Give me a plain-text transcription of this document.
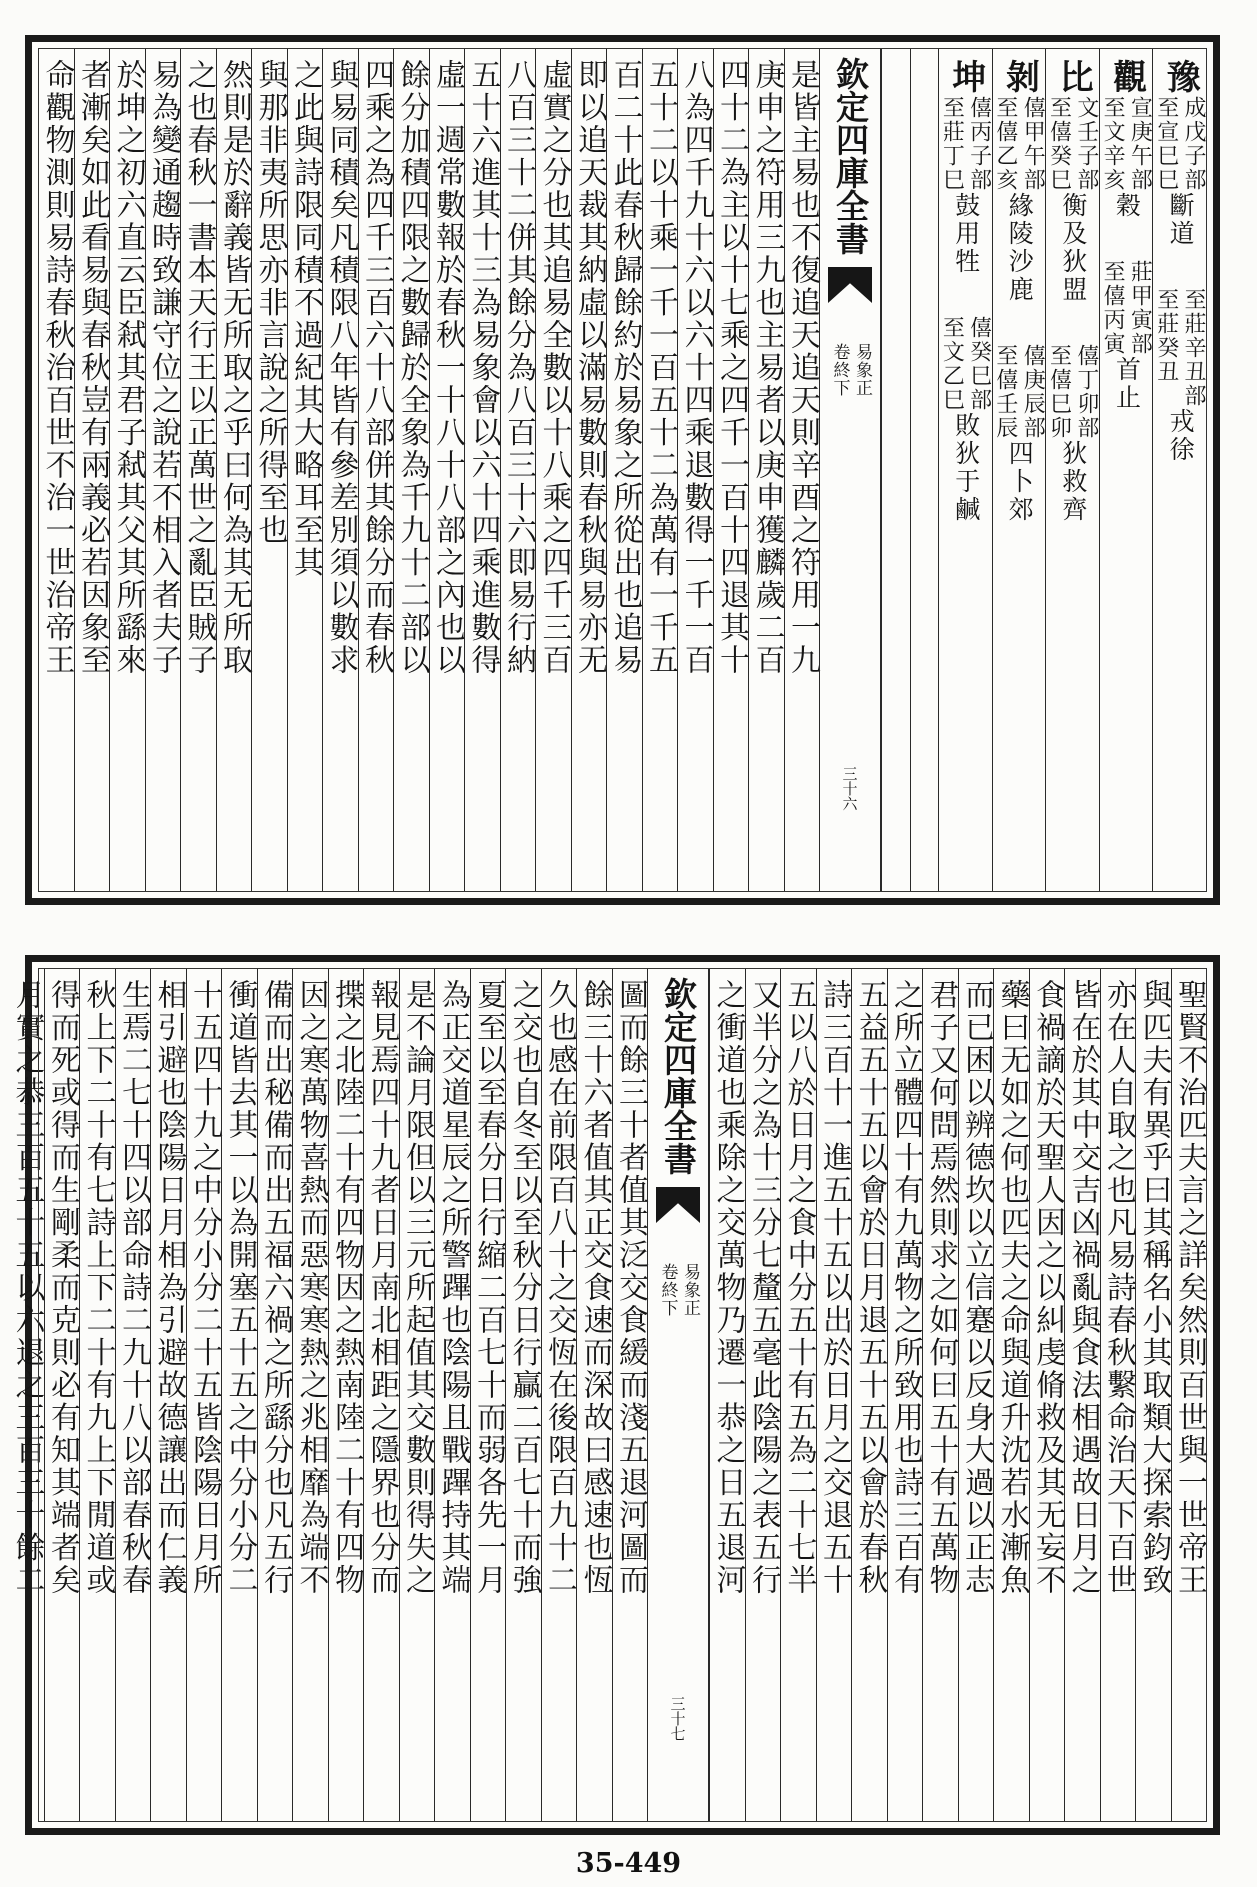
豫
成戊子部
至宣巳巳
斷道
至莊辛丑部
至莊癸丑
戎徐
觀
宣庚午部
至文辛亥
穀
莊甲寅部
至僖丙寅
首止
比
文壬子部
至僖癸巳
衡
及狄盟
僖丁卯部
至僖巳卯
狄救齊
剝
僖甲午部
至僖乙亥
緣陵
沙鹿
僖庚辰部
至僖壬辰
四卜郊
坤
僖丙子部
至莊丁巳
鼓用牲
僖癸巳部
至文乙巳
敗狄于鹹
欽定四庫全書
易象正
卷終下
三十六
是皆主易也不復追天追天則辛酉之符用一九
庚申之符用三九也主易者以庚申獲麟歲二百
四十二為主以十七乘之四千一百十四退其十
八為四千九十六以六十四乘退數得一千一百
五十二以十乘一千一百五十二為萬有一千五
百二十此春秋歸餘約於易象之所從出也追易
即以追天裁其納虛以滿易數則春秋與易亦无
虛實之分也其追易全數以十八乘之四千三百
八百三十二併其餘分為八百三十六即易行納
五十六進其十三為易象會以六十四乘進數得
虛一週常數報於春秋一十八十八部之內也以
餘分加積四限之數歸於全象為千九十二部以
四乘之為四千三百六十八部併其餘分而春秋
與易同積矣凡積限八年皆有參差別須以數求
之此與詩限同積不過紀其大略耳至其
與那非夷所思亦非言說之所得至也
然則是於辭義皆无所取之乎曰何為其无所取
之也春秋一書本天行王以正萬世之亂臣賊子
易為變通趨時致謙守位之說若不相入者夫子
於坤之初六直云臣弒其君子弒其父其所繇來
者漸矣如此看易與春秋豈有兩義必若因象至
命觀物測則易詩春秋治百世不治一世治帝王
聖賢不治匹夫言之詳矣然則百世與一世帝王
與匹夫有異乎曰其稱名小其取類大探索鈞致
亦在人自取之也凡易詩春秋繫命治天下百世
皆在於其中交吉凶禍亂與食法相遇故日月之
食禍謫於天聖人因之以糾虔脩救及其无妄不
藥曰无如之何也匹夫之命與道升沈若水漸魚
而已困以辨德坎以立信蹇以反身大過以正志
君子又何問焉然則求之如何曰五十有五萬物
之所立體四十有九萬物之所致用也詩三百有
五益五十五以會於日月退五十五以會於春秋
詩三百十一進五十五以出於日月之交退五十
五以八於日月之食中分五十有五為二十七半
又半分之為十三分七釐五毫此陰陽之表五行
之衝道也乘除之交萬物乃遷一恭之日五退河
欽定四庫全書
易象正
卷終下
三十七
圖而餘三十者值其泛交食緩而淺五退河圖而
餘三十六者值其正交食速而深故曰感速也恆
久也感在前限百八十之交恆在後限百九十二
之交也自冬至以至秋分日行贏二百七十而強
夏至以至春分日行縮二百七十而弱各先一月
為正交道星辰之所警蹕也陰陽且戰蹕持其端
是不論月限但以三元所起值其交數則得失之
報見焉四十九者日月南北相距之隱界也分而
揲之北陸二十有四物因之熱南陸二十有四物
因之寒萬物喜熱而惡寒寒熱之兆相靡為端不
備而出秘備而出五福六禍之所繇分也凡五行
衝道皆去其一以為開塞五十五之中分小分二
十五四十九之中分小分二十五皆陰陽日月所
相引避也陰陽日月相為引避故德讓出而仁義
生焉二七十四以部命詩二九十八以部春秋春
秋上下二十有七詩上下二十有九上下閒道或
得而死或得而生剛柔而克則必有知其端者矣
月實之恭三百五十五以六退之三百三十餘二
35-449
